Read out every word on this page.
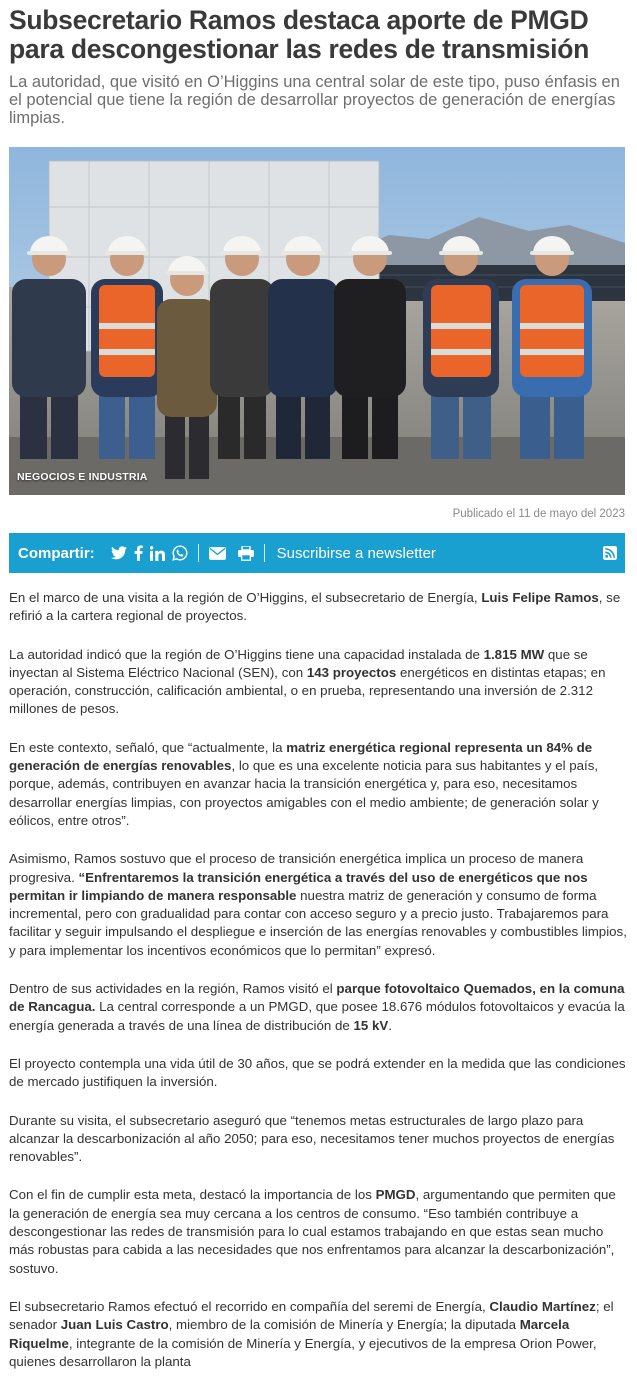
Subsecretario Ramos destaca aporte de PMGD para descongestionar las redes de transmisión

La autoridad, que visitó en O’Higgins una central solar de este tipo, puso énfasis en el potencial que tiene la región de desarrollar proyectos de generación de energías limpias.

NEGOCIOS E INDUSTRIA
Publicado el 11 de mayo del 2023
Compartir:	Suscribirse a newsletter

En el marco de una visita a la región de O’Higgins, el subsecretario de Energía, Luis Felipe Ramos, se refirió a la cartera regional de proyectos.

La autoridad indicó que la región de O’Higgins tiene una capacidad instalada de 1.815 MW que se inyectan al Sistema Eléctrico Nacional (SEN), con 143 proyectos energéticos en distintas etapas; en operación, construcción, calificación ambiental, o en prueba, representando una inversión de 2.312 millones de pesos.

En este contexto, señaló, que “actualmente, la matriz energética regional representa un 84% de generación de energías renovables, lo que es una excelente noticia para sus habitantes y el país, porque, además, contribuyen en avanzar hacia la transición energética y, para eso, necesitamos desarrollar energías limpias, con proyectos amigables con el medio ambiente; de generación solar y eólicos, entre otros”.

Asimismo, Ramos sostuvo que el proceso de transición energética implica un proceso de manera progresiva. “Enfrentaremos la transición energética a través del uso de energéticos que nos permitan ir limpiando de manera responsable nuestra matriz de generación y consumo de forma incremental, pero con gradualidad para contar con acceso seguro y a precio justo. Trabajaremos para facilitar y seguir impulsando el despliegue e inserción de las energías renovables y combustibles limpios, y para implementar los incentivos económicos que lo permitan” expresó.

Dentro de sus actividades en la región, Ramos visitó el parque fotovoltaico Quemados, en la comuna de Rancagua. La central corresponde a un PMGD, que posee 18.676 módulos fotovoltaicos y evacúa la energía generada a través de una línea de distribución de 15 kV.

El proyecto contempla una vida útil de 30 años, que se podrá extender en la medida que las condiciones de mercado justifiquen la inversión.

Durante su visita, el subsecretario aseguró que “tenemos metas estructurales de largo plazo para alcanzar la descarbonización al año 2050; para eso, necesitamos tener muchos proyectos de energías renovables”.

Con el fin de cumplir esta meta, destacó la importancia de los PMGD, argumentando que permiten que la generación de energía sea muy cercana a los centros de consumo. “Eso también contribuye a descongestionar las redes de transmisión para lo cual estamos trabajando en que estas sean mucho más robustas para cabida a las necesidades que nos enfrentamos para alcanzar la descarbonización”, sostuvo.

El subsecretario Ramos efectuó el recorrido en compañía del seremi de Energía, Claudio Martínez; el senador Juan Luis Castro, miembro de la comisión de Minería y Energía; la diputada Marcela Riquelme, integrante de la comisión de Minería y Energía, y ejecutivos de la empresa Orion Power, quienes desarrollaron la planta
